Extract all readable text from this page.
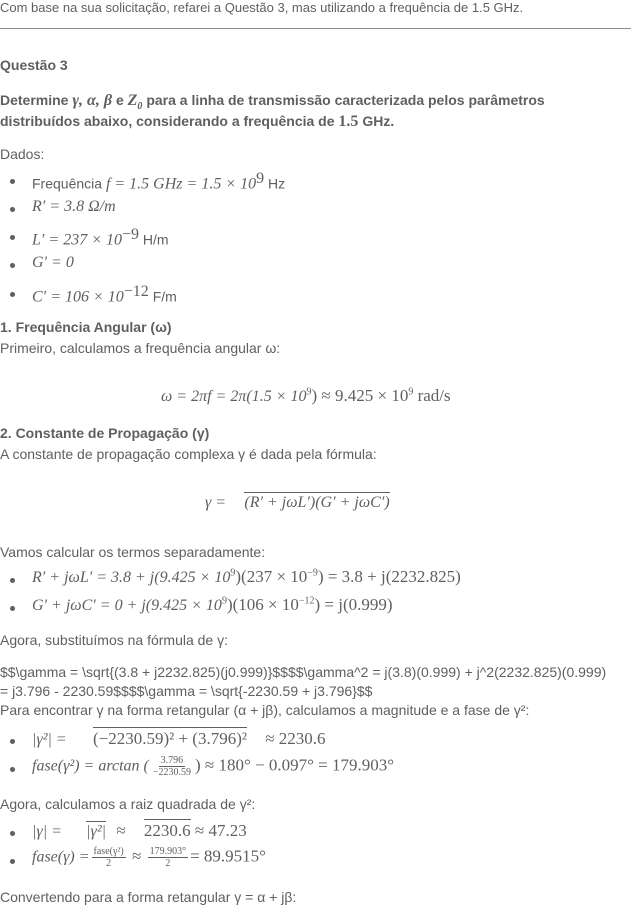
Com base na sua solicitação, refarei a Questão 3, mas utilizando a frequência de 1.5 GHz.
Questão 3
Determine γ, α, β e $Z_0$ para a linha de transmissão caracterizada pelos parâmetros
distribuídos abaixo, considerando a frequência de 1.5 GHz.
Dados:
Frequência f = 1.5 GHz = $1.5 \times 10^9$ Hz
R′ = 3.8 Ω/m
$L' = 237 \times 10^{-9}$ H/m
G′ = 0
$C' = 106 \times 10^{-12}$ F/m
1. Frequência Angular (ω)
Primeiro, calculamos a frequência angular ω:
$\omega = 2\pi f = 2\pi(1.5 \times 10^9) \approx 9.425 \times 10^9$ rad/s
2. Constante de Propagação (γ)
A constante de propagação complexa γ é dada pela fórmula:
γ = (R′ + jωL′)(G′ + jωC′)
Vamos calcular os termos separadamente:
$R' + j\omega L' = 3.8 + j(9.425 \times 10^9)(237 \times 10^{-9}) = 3.8 + j(2232.825)$
$G' + j\omega C' = 0 + j(9.425 \times 10^9)(106 \times 10^{-12}) = j(0.999)$
Agora, substituímos na fórmula de γ:
$$\gamma = \sqrt{(3.8 + j2232.825)(j0.999)}$$$$\gamma^2 = j(3.8)(0.999) + j^2(2232.825)(0.999)
= j3.796 - 2230.59$$$$\gamma = \sqrt{-2230.59 + j3.796}$$
Para encontrar γ na forma retangular (α + jβ), calculamos a magnitude e a fase de γ²:
|γ²| = (−2230.59)² + (3.796)² ≈ 2230.6
fase(γ²) = arctan ( $\frac{3.796}{-2230.59}$ ) ≈ 180° − 0.097° = 179.903°
Agora, calculamos a raiz quadrada de γ²:
|γ| = |γ²| ≈ 2230.6 ≈ 47.23
fase(γ) = $\frac{\text{fase(γ²)}}{2} \approx \frac{179.903^\circ}{2} = 89.9515^\circ$
Convertendo para a forma retangular γ = α + jβ:
